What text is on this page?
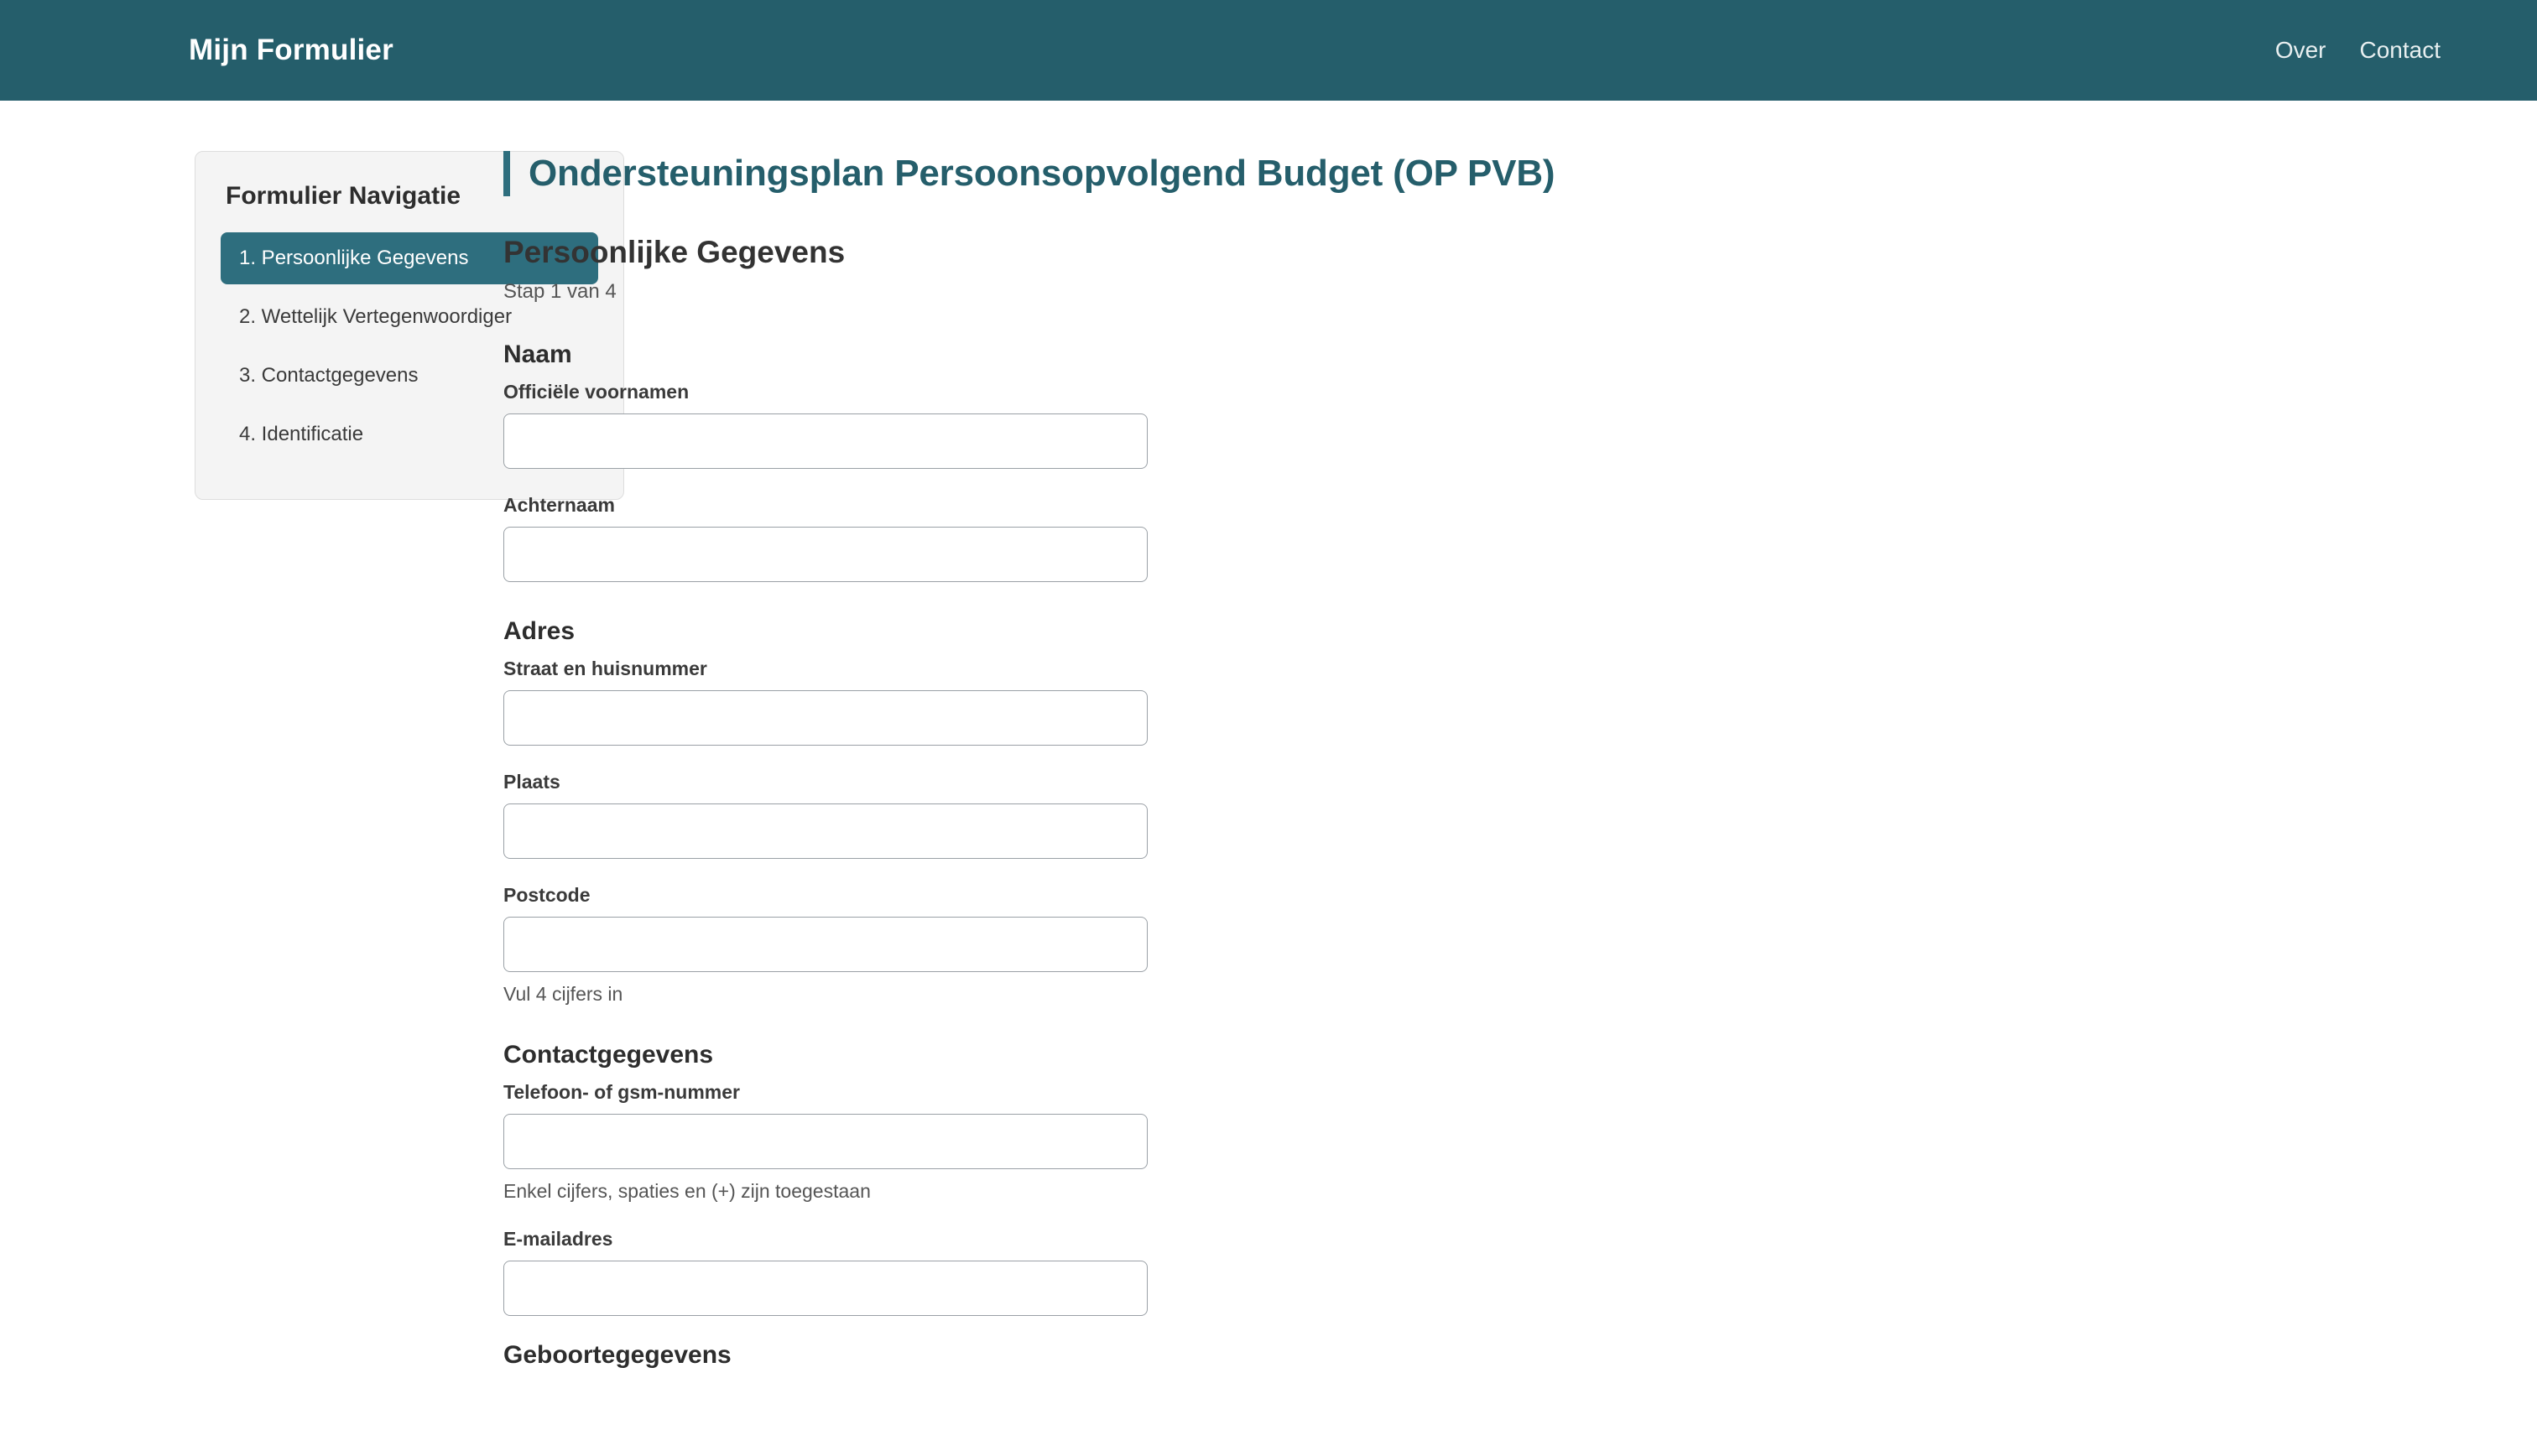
Mijn Formulier	Over Contact
Formulier Navigatie
1. Persoonlijke Gegevens
2. Wettelijk Vertegenwoordiger
3. Contactgegevens
4. Identificatie
Ondersteuningsplan Persoonsopvolgend Budget (OP PVB)
Persoonlijke Gegevens
Stap 1 van 4
Naam
Officiële voornamen
Achternaam
Adres
Straat en huisnummer
Plaats
Postcode
Vul 4 cijfers in
Contactgegevens
Telefoon- of gsm-nummer
Enkel cijfers, spaties en (+) zijn toegestaan
E-mailadres
Geboortegegevens
